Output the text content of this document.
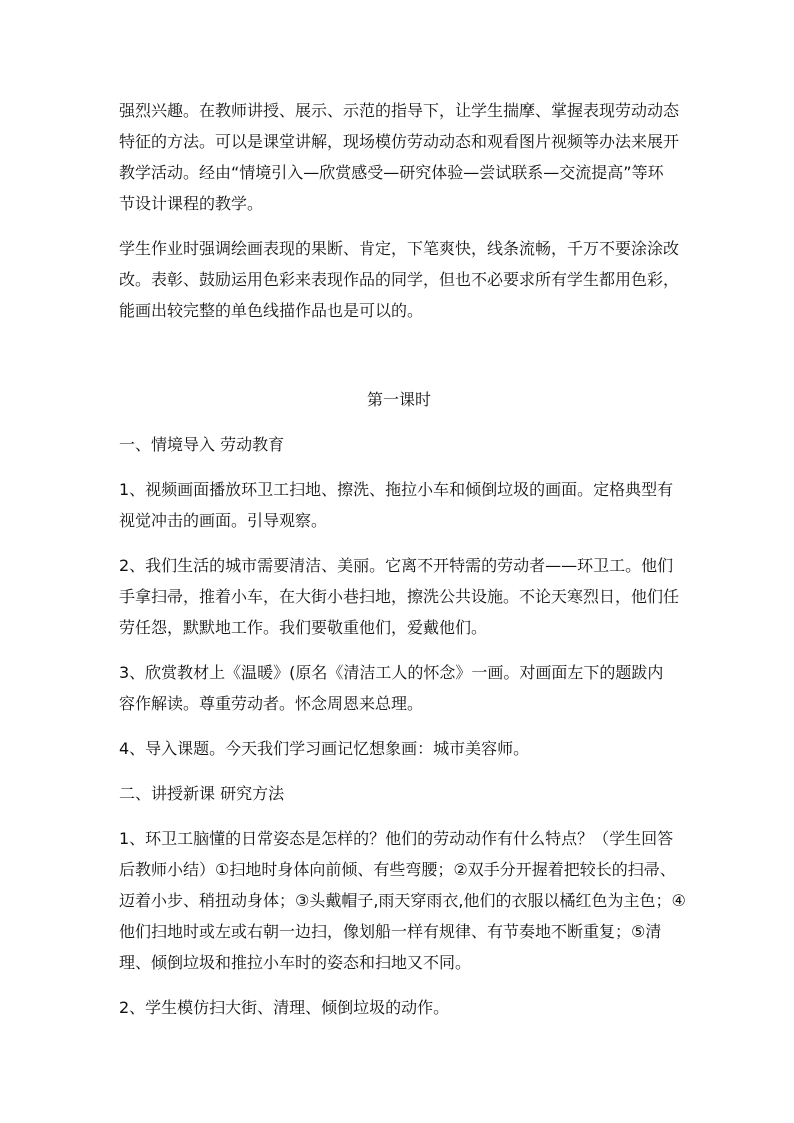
强烈兴趣。在教师讲授、展示、示范的指导下，让学生揣摩、掌握表现劳动动态
特征的方法。可以是课堂讲解，现场模仿劳动动态和观看图片视频等办法来展开
教学活动。经由“情境引入—欣赏感受—研究体验—尝试联系—交流提高”等环
节设计课程的教学。
学生作业时强调绘画表现的果断、肯定，下笔爽快，线条流畅，千万不要涂涂改
改。表彰、鼓励运用色彩来表现作品的同学，但也不必要求所有学生都用色彩，
能画出较完整的单色线描作品也是可以的。
第一课时
一、情境导入 劳动教育
1、视频画面播放环卫工扫地、擦洗、拖拉小车和倾倒垃圾的画面。定格典型有
视觉冲击的画面。引导观察。
2、我们生活的城市需要清洁、美丽。它离不开特需的劳动者——环卫工。他们
手拿扫帚，推着小车，在大街小巷扫地，擦洗公共设施。不论天寒烈日，他们任
劳任怨，默默地工作。我们要敬重他们，爱戴他们。
3、欣赏教材上《温暖》(原名《清洁工人的怀念》一画。对画面左下的题跋内
容作解读。尊重劳动者。怀念周恩来总理。
4、导入课题。今天我们学习画记忆想象画：城市美容师。
二、讲授新课 研究方法
1、环卫工脑懂的日常姿态是怎样的？他们的劳动动作有什么特点？（学生回答
后教师小结）①扫地时身体向前倾、有些弯腰；②双手分开握着把较长的扫帚、
迈着小步、稍扭动身体；③头戴帽子,雨天穿雨衣,他们的衣服以橘红色为主色；④
他们扫地时或左或右朝一边扫，像划船一样有规律、有节奏地不断重复；⑤清
理、倾倒垃圾和推拉小车时的姿态和扫地又不同。
2、学生模仿扫大街、清理、倾倒垃圾的动作。
